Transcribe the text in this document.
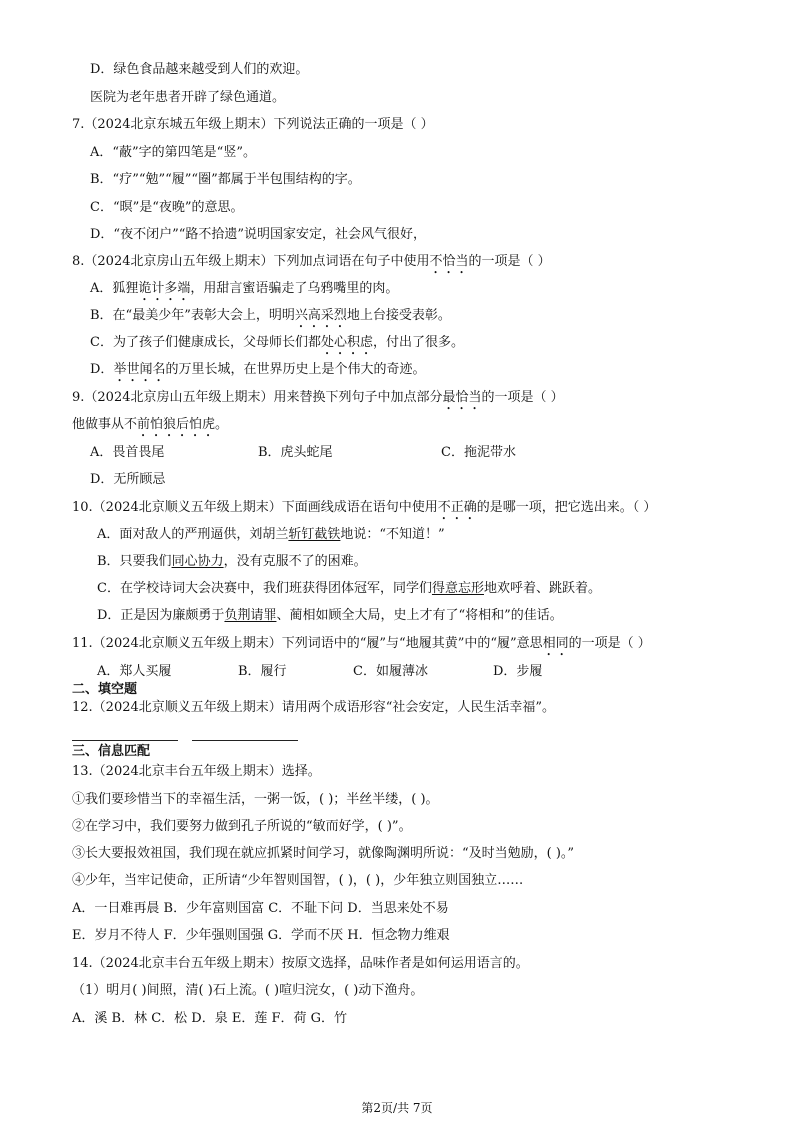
D．绿色食品越来越受到人们的欢迎。
医院为老年患者开辟了绿色通道。
7.（2024北京东城五年级上期末）下列说法正确的一项是（ ）
A．“蔽”字的第四笔是“竖”。
B．“疗”“勉”“履”“圈”都属于半包围结构的字。
C．“暝”是“夜晚”的意思。
D．“夜不闭户”“路不拾遗”说明国家安定，社会风气很好，
8.（2024北京房山五年级上期末）下列加点词语在句子中使用不恰当的一项是（ ）
A．狐狸诡计多端，用甜言蜜语骗走了乌鸦嘴里的肉。
B．在“最美少年”表彰大会上，明明兴高采烈地上台接受表彰。
C．为了孩子们健康成长，父母师长们都处心积虑，付出了很多。
D．举世闻名的万里长城，在世界历史上是个伟大的奇迹。
9.（2024北京房山五年级上期末）用来替换下列句子中加点部分最恰当的一项是（ ）
他做事从不前怕狼后怕虎。
A．畏首畏尾	B．虎头蛇尾	C．拖泥带水
D．无所顾忌
10.（2024北京顺义五年级上期末）下面画线成语在语句中使用不正确的是哪一项，把它选出来。（ ）
A．面对敌人的严刑逼供，刘胡兰斩钉截铁地说：“不知道！”
B．只要我们同心协力，没有克服不了的困难。
C．在学校诗词大会决赛中，我们班获得团体冠军，同学们得意忘形地欢呼着、跳跃着。
D．正是因为廉颇勇于负荆请罪、蔺相如顾全大局，史上才有了“将相和”的佳话。
11.（2024北京顺义五年级上期末）下列词语中的“履”与“地履其黄”中的“履”意思相同的一项是（ ）
A．郑人买履	B．履行	C．如履薄冰	D．步履
二、填空题
12.（2024北京顺义五年级上期末）请用两个成语形容“社会安定，人民生活幸福”。
三、信息匹配
13.（2024北京丰台五年级上期末）选择。
①我们要珍惜当下的幸福生活，一粥一饭，( )；半丝半缕，( )。
②在学习中，我们要努力做到孔子所说的“敏而好学，( )”。
③长大要报效祖国，我们现在就应抓紧时间学习，就像陶渊明所说：“及时当勉励，( )。”
④少年，当牢记使命，正所请“少年智则国智，( )，( )，少年独立则国独立……
A．一日难再晨 B．少年富则国富 C．不耻下问 D．当思来处不易
E．岁月不待人 F．少年强则国强 G．学而不厌 H．恒念物力维艰
14.（2024北京丰台五年级上期末）按原文选择，品味作者是如何运用语言的。
（1）明月( )间照，清( )石上流。( )喧归浣女，( )动下渔舟。
A．溪 B．林 C．松 D．泉 E．莲 F．荷 G．竹
第2页/共 7页
